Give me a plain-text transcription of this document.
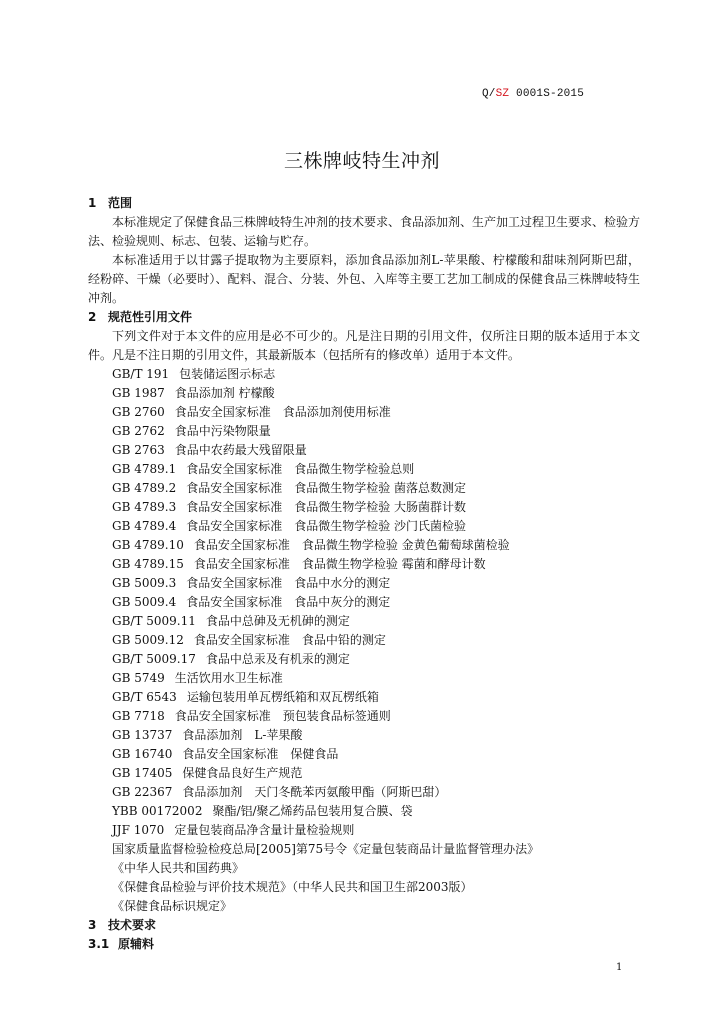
Q/SZ 0001S-2015
三株牌岐特生冲剂
1 范围

本标准规定了保健食品三株牌岐特生冲剂的技术要求、食品添加剂、生产加工过程卫生要求、检验方法、检验规则、标志、包装、运输与贮存。

本标准适用于以甘露子提取物为主要原料，添加食品添加剂L-苹果酸、柠檬酸和甜味剂阿斯巴甜，经粉碎、干燥（必要时）、配料、混合、分装、外包、入库等主要工艺加工制成的保健食品三株牌岐特生冲剂。

2 规范性引用文件

下列文件对于本文件的应用是必不可少的。凡是注日期的引用文件，仅所注日期的版本适用于本文件。凡是不注日期的引用文件，其最新版本（包括所有的修改单）适用于本文件。

GB/T 191 包装储运图示标志
GB 1987 食品添加剂 柠檬酸
GB 2760 食品安全国家标准　食品添加剂使用标准
GB 2762 食品中污染物限量
GB 2763 食品中农药最大残留限量
GB 4789.1 食品安全国家标准　食品微生物学检验总则
GB 4789.2 食品安全国家标准　食品微生物学检验 菌落总数测定
GB 4789.3 食品安全国家标准　食品微生物学检验 大肠菌群计数
GB 4789.4 食品安全国家标准　食品微生物学检验 沙门氏菌检验
GB 4789.10 食品安全国家标准　食品微生物学检验 金黄色葡萄球菌检验
GB 4789.15 食品安全国家标准　食品微生物学检验 霉菌和酵母计数
GB 5009.3 食品安全国家标准　食品中水分的测定
GB 5009.4 食品安全国家标准　食品中灰分的测定
GB/T 5009.11 食品中总砷及无机砷的测定
GB 5009.12 食品安全国家标准　食品中铅的测定
GB/T 5009.17 食品中总汞及有机汞的测定
GB 5749 生活饮用水卫生标准
GB/T 6543 运输包装用单瓦楞纸箱和双瓦楞纸箱
GB 7718 食品安全国家标准　预包装食品标签通则
GB 13737 食品添加剂　L-苹果酸
GB 16740 食品安全国家标准　保健食品
GB 17405 保健食品良好生产规范
GB 22367 食品添加剂　天门冬酰苯丙氨酸甲酯（阿斯巴甜）
YBB 00172002 聚酯/铝/聚乙烯药品包装用复合膜、袋
JJF 1070 定量包装商品净含量计量检验规则
国家质量监督检验检疫总局[2005]第75号令《定量包装商品计量监督管理办法》
《中华人民共和国药典》
《保健食品检验与评价技术规范》（中华人民共和国卫生部2003版）
《保健食品标识规定》
3 技术要求
3.1 原辅料
1
